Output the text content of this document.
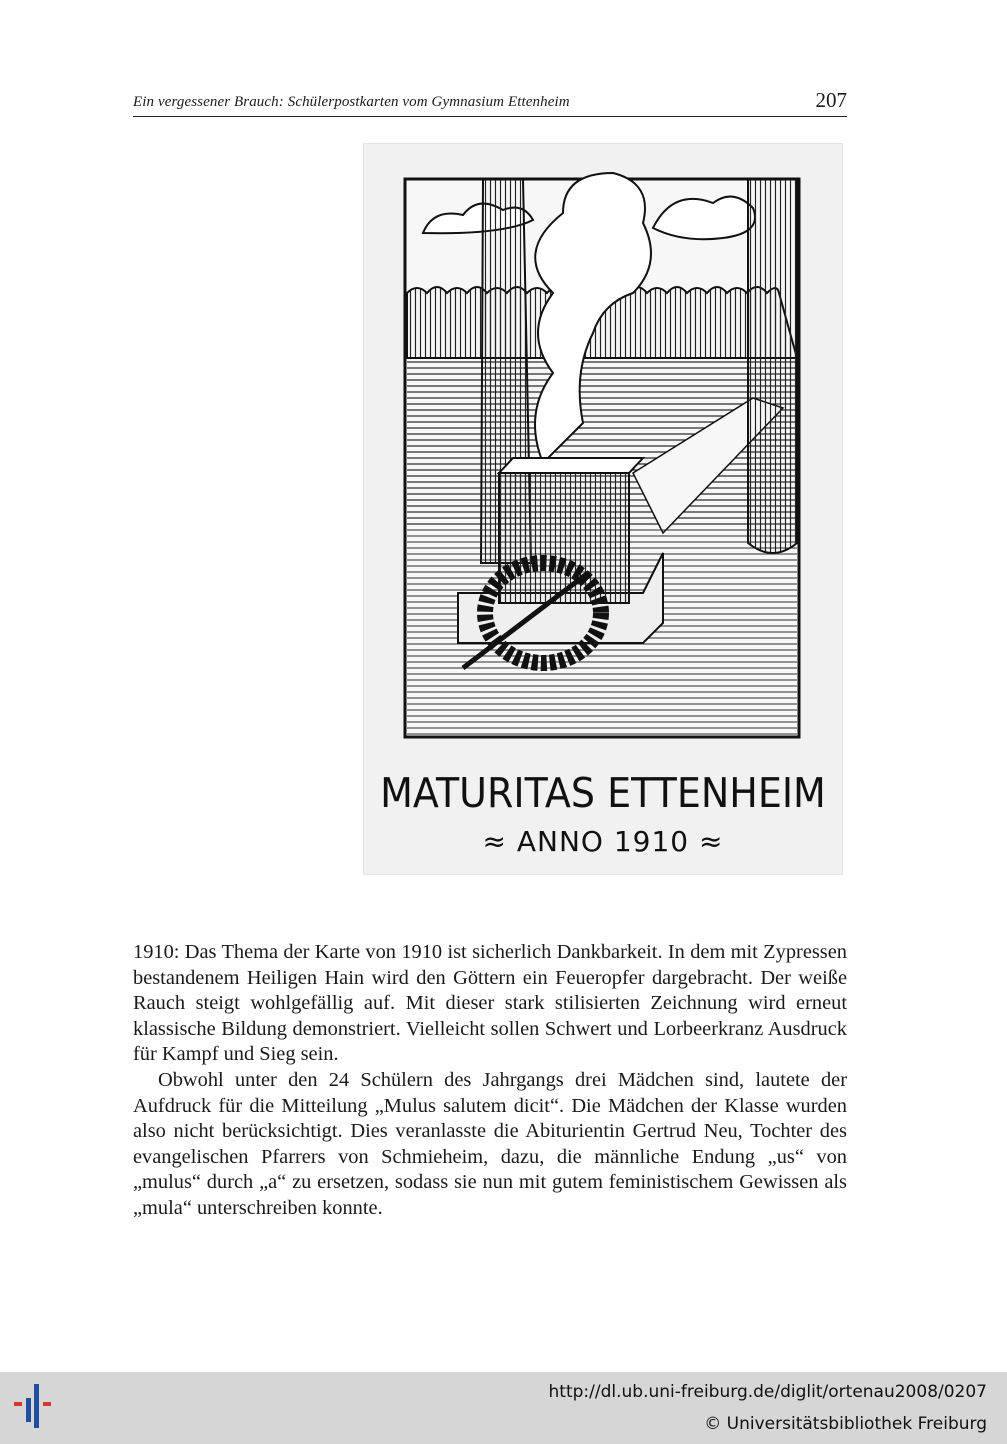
Ein vergessener Brauch: Schülerpostkarten vom Gymnasium Ettenheim	207
MATURITAS ETTENHEIM
≈ ANNO 1910 ≈

1910: Das Thema der Karte von 1910 ist sicherlich Dankbarkeit. In dem mit Zypressen bestandenem Heiligen Hain wird den Göttern ein Feueropfer dargebracht. Der weiße Rauch steigt wohlgefällig auf. Mit dieser stark stilisierten Zeichnung wird erneut klassische Bildung demonstriert. Vielleicht sollen Schwert und Lorbeerkranz Ausdruck für Kampf und Sieg sein.

Obwohl unter den 24 Schülern des Jahrgangs drei Mädchen sind, lautete der Aufdruck für die Mitteilung „Mulus salutem dicit“. Die Mädchen der Klasse wurden also nicht berücksichtigt. Dies veranlasste die Abiturientin Gertrud Neu, Tochter des evangelischen Pfarrers von Schmieheim, dazu, die männliche Endung „us“ von „mulus“ durch „a“ zu ersetzen, sodass sie nun mit gutem feministischem Gewissen als „mula“ unterschreiben konnte.

http://dl.ub.uni-freiburg.de/diglit/ortenau2008/0207
© Universitätsbibliothek Freiburg
